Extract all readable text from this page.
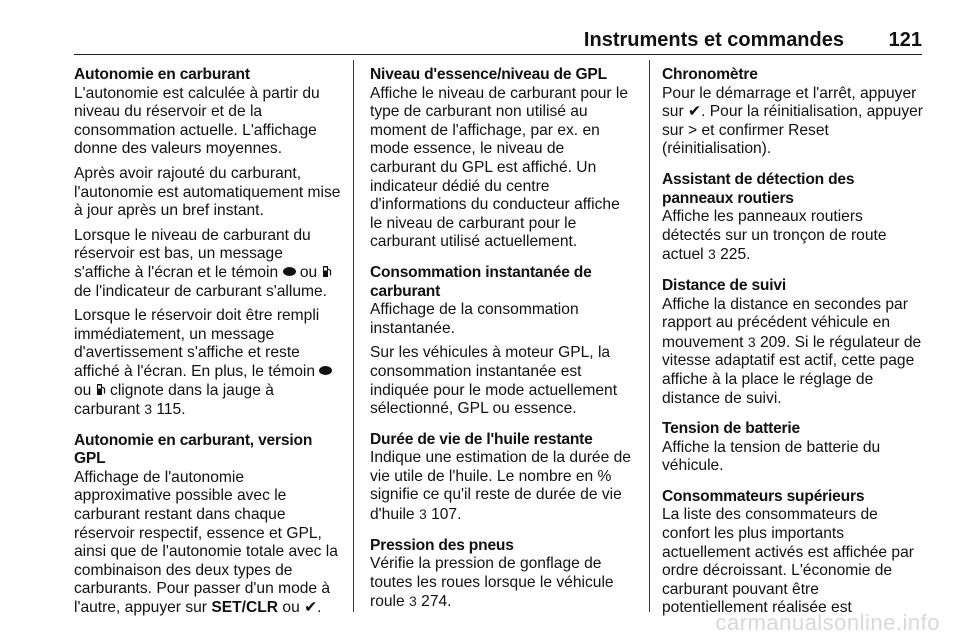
Instruments et commandes 121
Autonomie en carburant

L'autonomie est calculée à partir du niveau du réservoir et de la consommation actuelle. L'affichage donne des valeurs moyennes.

Après avoir rajouté du carburant, l'autonomie est automatiquement mise à jour après un bref instant.

Lorsque le niveau de carburant du réservoir est bas, un message s'affiche à l'écran et le témoin  ou  de l'indicateur de carburant s'allume.

Lorsque le réservoir doit être rempli immédiatement, un message d'avertissement s'affiche et reste affiché à l'écran. En plus, le témoin  ou  clignote dans la jauge à carburant 3 115.

Autonomie en carburant, version GPL

Affichage de l'autonomie approximative possible avec le carburant restant dans chaque réservoir respectif, essence et GPL, ainsi que de l'autonomie totale avec la combinaison des deux types de carburants. Pour passer d'un mode à l'autre, appuyer sur SET/CLR ou ✔.

Niveau d'essence/niveau de GPL

Affiche le niveau de carburant pour le type de carburant non utilisé au moment de l'affichage, par ex. en mode essence, le niveau de carburant du GPL est affiché. Un indicateur dédié du centre d'informations du conducteur affiche le niveau de carburant pour le carburant utilisé actuellement.

Consommation instantanée de carburant

Affichage de la consommation instantanée.

Sur les véhicules à moteur GPL, la consommation instantanée est indiquée pour le mode actuellement sélectionné, GPL ou essence.

Durée de vie de l'huile restante

Indique une estimation de la durée de vie utile de l'huile. Le nombre en % signifie ce qu'il reste de durée de vie d'huile 3 107.

Pression des pneus

Vérifie la pression de gonflage de toutes les roues lorsque le véhicule roule 3 274.

Chronomètre

Pour le démarrage et l'arrêt, appuyer sur ✔. Pour la réinitialisation, appuyer sur > et confirmer Reset (réinitialisation).

Assistant de détection des panneaux routiers

Affiche les panneaux routiers détectés sur un tronçon de route actuel 3 225.

Distance de suivi

Affiche la distance en secondes par rapport au précédent véhicule en mouvement 3 209. Si le régulateur de vitesse adaptatif est actif, cette page affiche à la place le réglage de distance de suivi.

Tension de batterie

Affiche la tension de batterie du véhicule.

Consommateurs supérieurs

La liste des consommateurs de confort les plus importants actuellement activés est affichée par ordre décroissant. L'économie de carburant pouvant être potentiellement réalisée est

carmanualsonline.info
